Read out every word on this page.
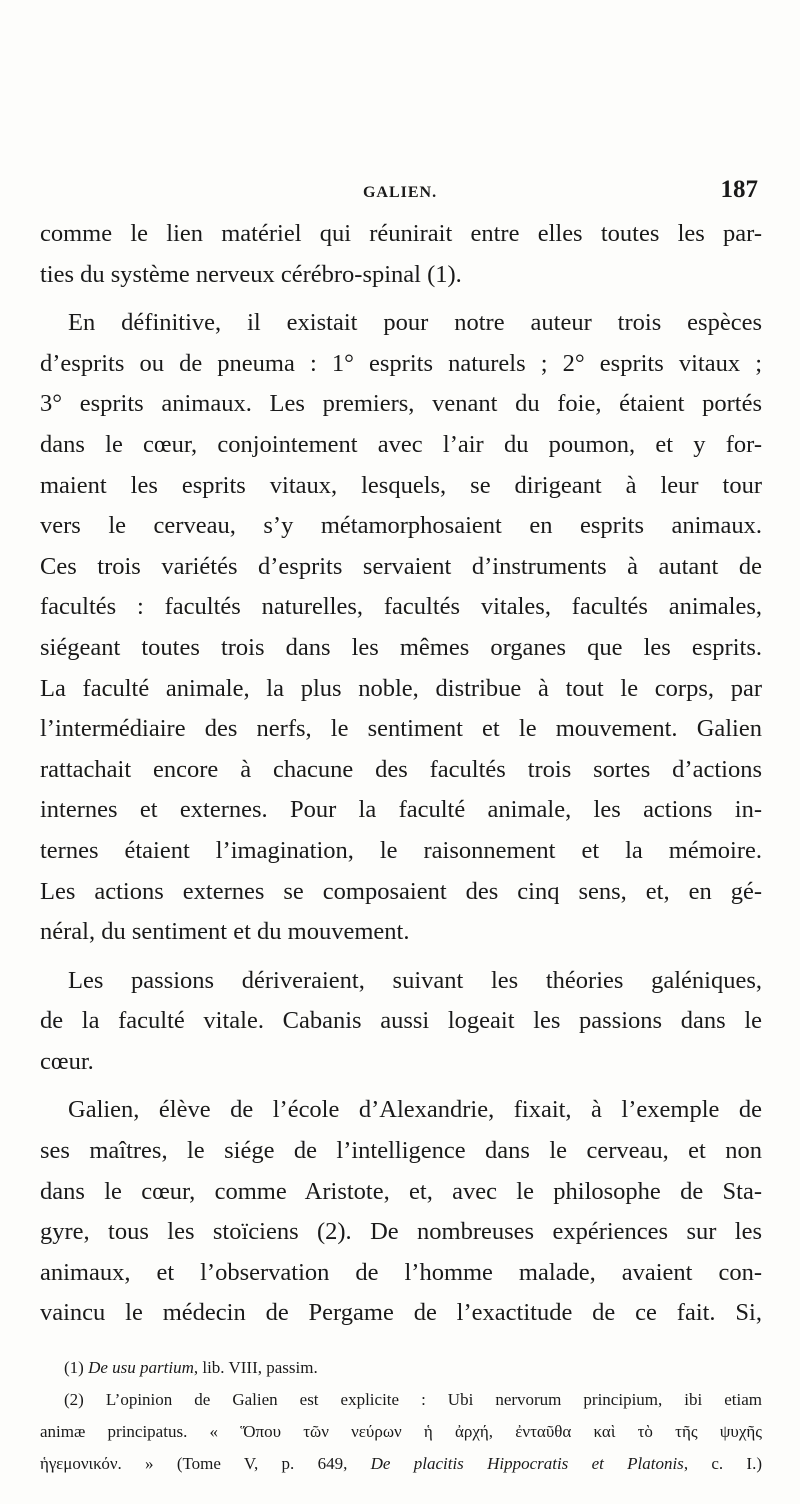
GALIEN.	187
comme le lien matériel qui réunirait entre elles toutes les par-
ties du système nerveux cérébro-spinal (1).
En définitive, il existait pour notre auteur trois espèces
d’esprits ou de pneuma : 1° esprits naturels ; 2° esprits vitaux ;
3° esprits animaux. Les premiers, venant du foie, étaient portés
dans le cœur, conjointement avec l’air du poumon, et y for-
maient les esprits vitaux, lesquels, se dirigeant à leur tour
vers le cerveau, s’y métamorphosaient en esprits animaux.
Ces trois variétés d’esprits servaient d’instruments à autant de
facultés : facultés naturelles, facultés vitales, facultés animales,
siégeant toutes trois dans les mêmes organes que les esprits.
La faculté animale, la plus noble, distribue à tout le corps, par
l’intermédiaire des nerfs, le sentiment et le mouvement. Galien
rattachait encore à chacune des facultés trois sortes d’actions
internes et externes. Pour la faculté animale, les actions in-
ternes étaient l’imagination, le raisonnement et la mémoire.
Les actions externes se composaient des cinq sens, et, en gé-
néral, du sentiment et du mouvement.
Les passions dériveraient, suivant les théories galéniques,
de la faculté vitale. Cabanis aussi logeait les passions dans le
cœur.
Galien, élève de l’école d’Alexandrie, fixait, à l’exemple de
ses maîtres, le siége de l’intelligence dans le cerveau, et non
dans le cœur, comme Aristote, et, avec le philosophe de Sta-
gyre, tous les stoïciens (2). De nombreuses expériences sur les
animaux, et l’observation de l’homme malade, avaient con-
vaincu le médecin de Pergame de l’exactitude de ce fait. Si,
(1) De usu partium, lib. VIII, passim.
(2) L’opinion de Galien est explicite : Ubi nervorum principium, ibi etiam
animæ principatus. « Ὅπου τῶν νεύρων ἡ ἀρχή, ἐνταῦθα καὶ τὸ τῆς ψυχῆς
ἡγεμονικόν. » (Tome V, p. 649, De placitis Hippocratis et Platonis, c. I.)
